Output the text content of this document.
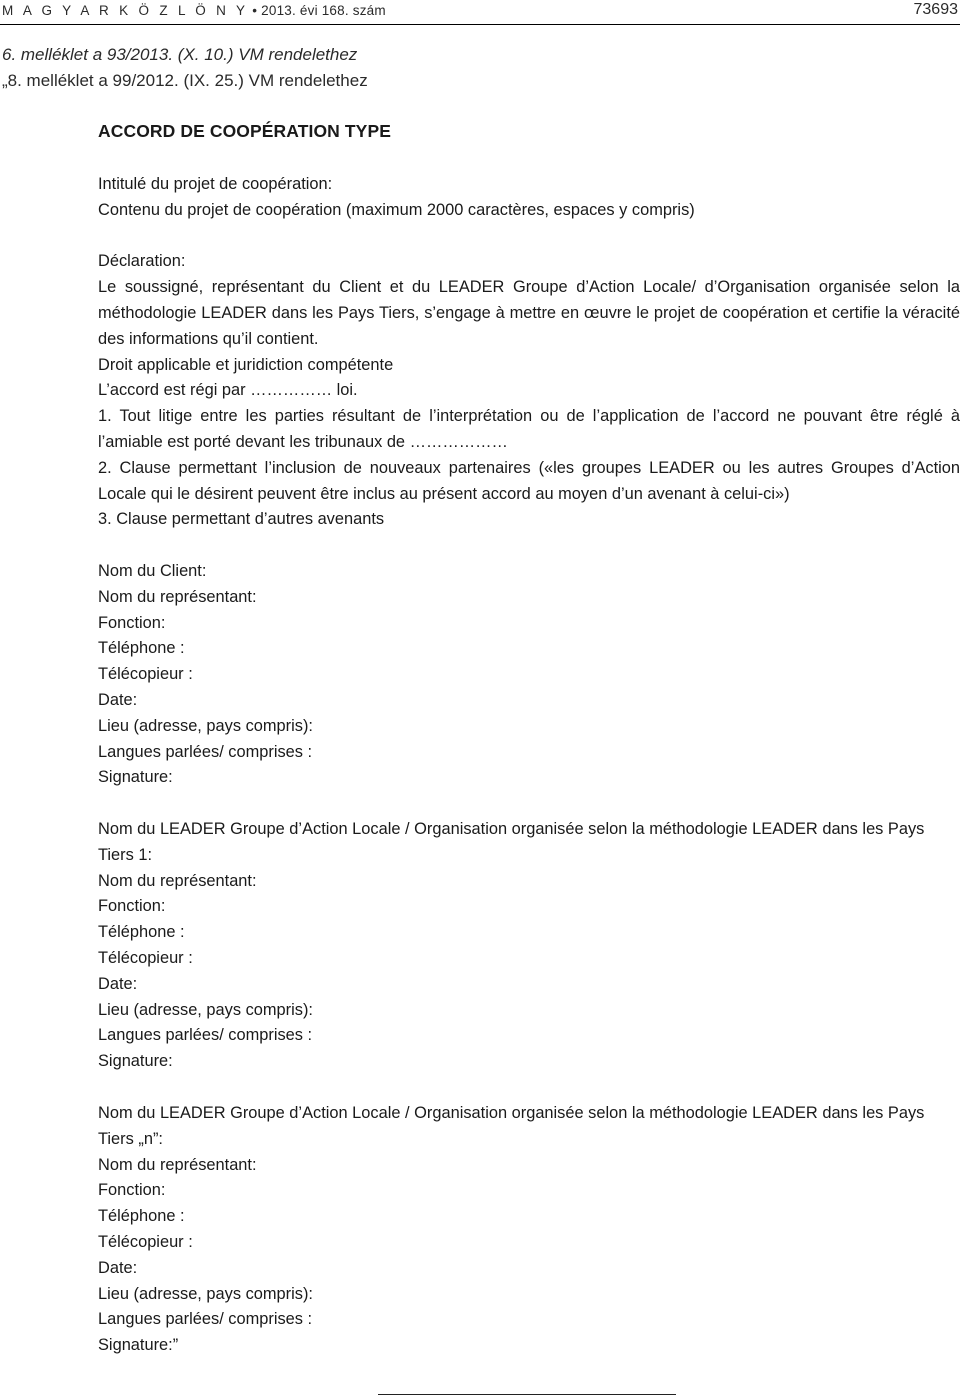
M A G Y A R K Ö Z L Ö N Y • 2013. évi 168. szám	73693
6. melléklet a 93/2013. (X. 10.) VM rendelethez
„8. melléklet a 99/2012. (IX. 25.) VM rendelethez
ACCORD DE COOPÉRATION TYPE

Intitulé du projet de coopération:

Contenu du projet de coopération (maximum 2000 caractères, espaces y compris)

Déclaration:

Le soussigné, représentant du Client et du LEADER Groupe d’Action Locale/ d’Organisation organisée selon la méthodologie LEADER dans les Pays Tiers, s’engage à mettre en œuvre le projet de coopération et certifie la véracité des informations qu’il contient.

Droit applicable et juridiction compétente

L’accord est régi par …………… loi.

1. Tout litige entre les parties résultant de l’interprétation ou de l’application de l’accord ne pouvant être réglé à l’amiable est porté devant les tribunaux de ………………

2. Clause permettant l’inclusion de nouveaux partenaires («les groupes LEADER ou les autres Groupes d’Action Locale qui le désirent peuvent être inclus au présent accord au moyen d’un avenant à celui-ci»)

3. Clause permettant d’autres avenants

Nom du Client:

Nom du représentant:

Fonction:

Téléphone :

Télécopieur :

Date:

Lieu (adresse, pays compris):

Langues parlées/ comprises :

Signature:

Nom du LEADER Groupe d’Action Locale / Organisation organisée selon la méthodologie LEADER dans les Pays Tiers 1:

Nom du représentant:

Fonction:

Téléphone :

Télécopieur :

Date:

Lieu (adresse, pays compris):

Langues parlées/ comprises :

Signature:

Nom du LEADER Groupe d’Action Locale / Organisation organisée selon la méthodologie LEADER dans les Pays Tiers „n”:

Nom du représentant:

Fonction:

Téléphone :

Télécopieur :

Date:

Lieu (adresse, pays compris):

Langues parlées/ comprises :

Signature:”
